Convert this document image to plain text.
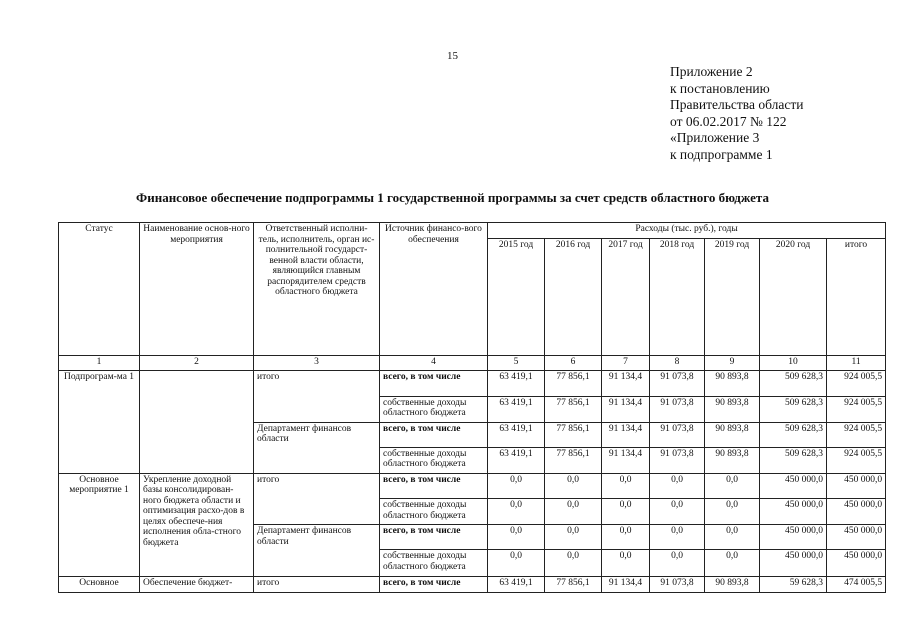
15
Приложение 2
к постановлению
Правительства области
от 06.02.2017 № 122
«Приложение 3
к подпрограмме 1
Финансовое обеспечение подпрограммы 1 государственной программы за счет средств областного бюджета
Статус	Наименование основ-ного мероприятия	Ответственный исполни-тель, исполнитель, орган ис-полнительной государст-венной власти области, являющийся главным распорядителем средств областного бюджета	Источник финансо-вого обеспечения	Расходы (тыс. руб.), годы						
				2015 год	2016 год	2017 год	2018 год	2019 год	2020 год	итого
1	2	3	4	5	6	7	8	9	10	11
Подпрограм-ма 1		итого	всего, в том числе	63 419,1	77 856,1	91 134,4	91 073,8	90 893,8	509 628,3	924 005,5
			собственные доходы областного бюджета	63 419,1	77 856,1	91 134,4	91 073,8	90 893,8	509 628,3	924 005,5
		Департамент финансов области	всего, в том числе	63 419,1	77 856,1	91 134,4	91 073,8	90 893,8	509 628,3	924 005,5
			собственные доходы областного бюджета	63 419,1	77 856,1	91 134,4	91 073,8	90 893,8	509 628,3	924 005,5
Основное мероприятие 1	Укрепление доходной базы консолидирован-ного бюджета области и оптимизация расхо-дов в целях обеспече-ния исполнения обла-стного бюджета	итого	всего, в том числе	0,0	0,0	0,0	0,0	0,0	450 000,0	450 000,0
			собственные доходы областного бюджета	0,0	0,0	0,0	0,0	0,0	450 000,0	450 000,0
		Департамент финансов области	всего, в том числе	0,0	0,0	0,0	0,0	0,0	450 000,0	450 000,0
			собственные доходы областного бюджета	0,0	0,0	0,0	0,0	0,0	450 000,0	450 000,0
Основное	Обеспечение бюджет-	итого	всего, в том числе	63 419,1	77 856,1	91 134,4	91 073,8	90 893,8	59 628,3	474 005,5
